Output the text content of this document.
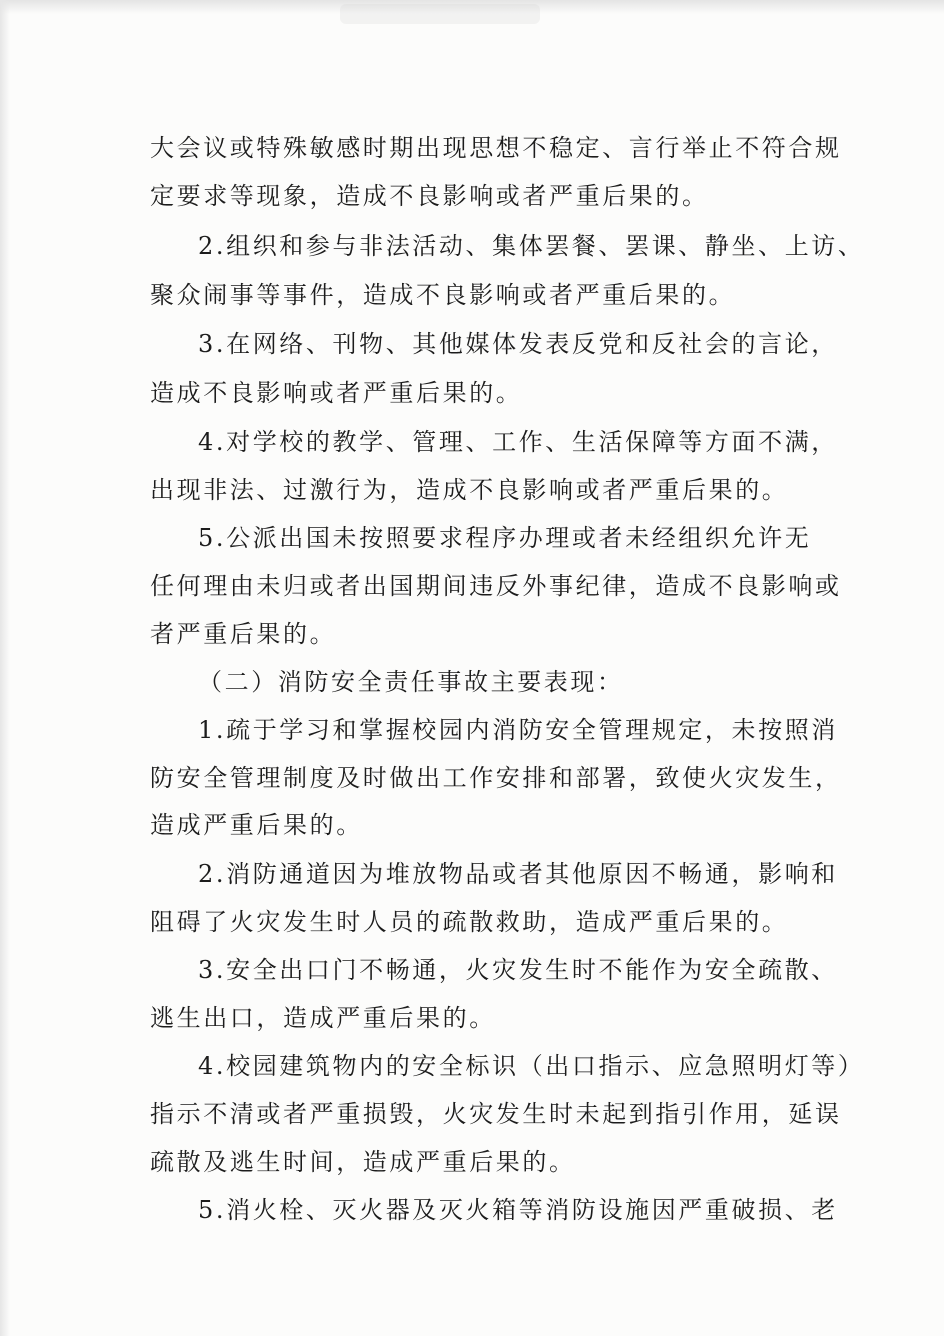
大会议或特殊敏感时期出现思想不稳定、言行举止不符合规

定要求等现象，造成不良影响或者严重后果的。

2.组织和参与非法活动、集体罢餐、罢课、静坐、上访、

聚众闹事等事件，造成不良影响或者严重后果的。

3.在网络、刊物、其他媒体发表反党和反社会的言论，

造成不良影响或者严重后果的。

4.对学校的教学、管理、工作、生活保障等方面不满，

出现非法、过激行为，造成不良影响或者严重后果的。

5.公派出国未按照要求程序办理或者未经组织允许无

任何理由未归或者出国期间违反外事纪律，造成不良影响或

者严重后果的。

（二）消防安全责任事故主要表现：

1.疏于学习和掌握校园内消防安全管理规定，未按照消

防安全管理制度及时做出工作安排和部署，致使火灾发生，

造成严重后果的。

2.消防通道因为堆放物品或者其他原因不畅通，影响和

阻碍了火灾发生时人员的疏散救助，造成严重后果的。

3.安全出口门不畅通，火灾发生时不能作为安全疏散、

逃生出口，造成严重后果的。

4.校园建筑物内的安全标识（出口指示、应急照明灯等）

指示不清或者严重损毁，火灾发生时未起到指引作用，延误

疏散及逃生时间，造成严重后果的。

5.消火栓、灭火器及灭火箱等消防设施因严重破损、老
